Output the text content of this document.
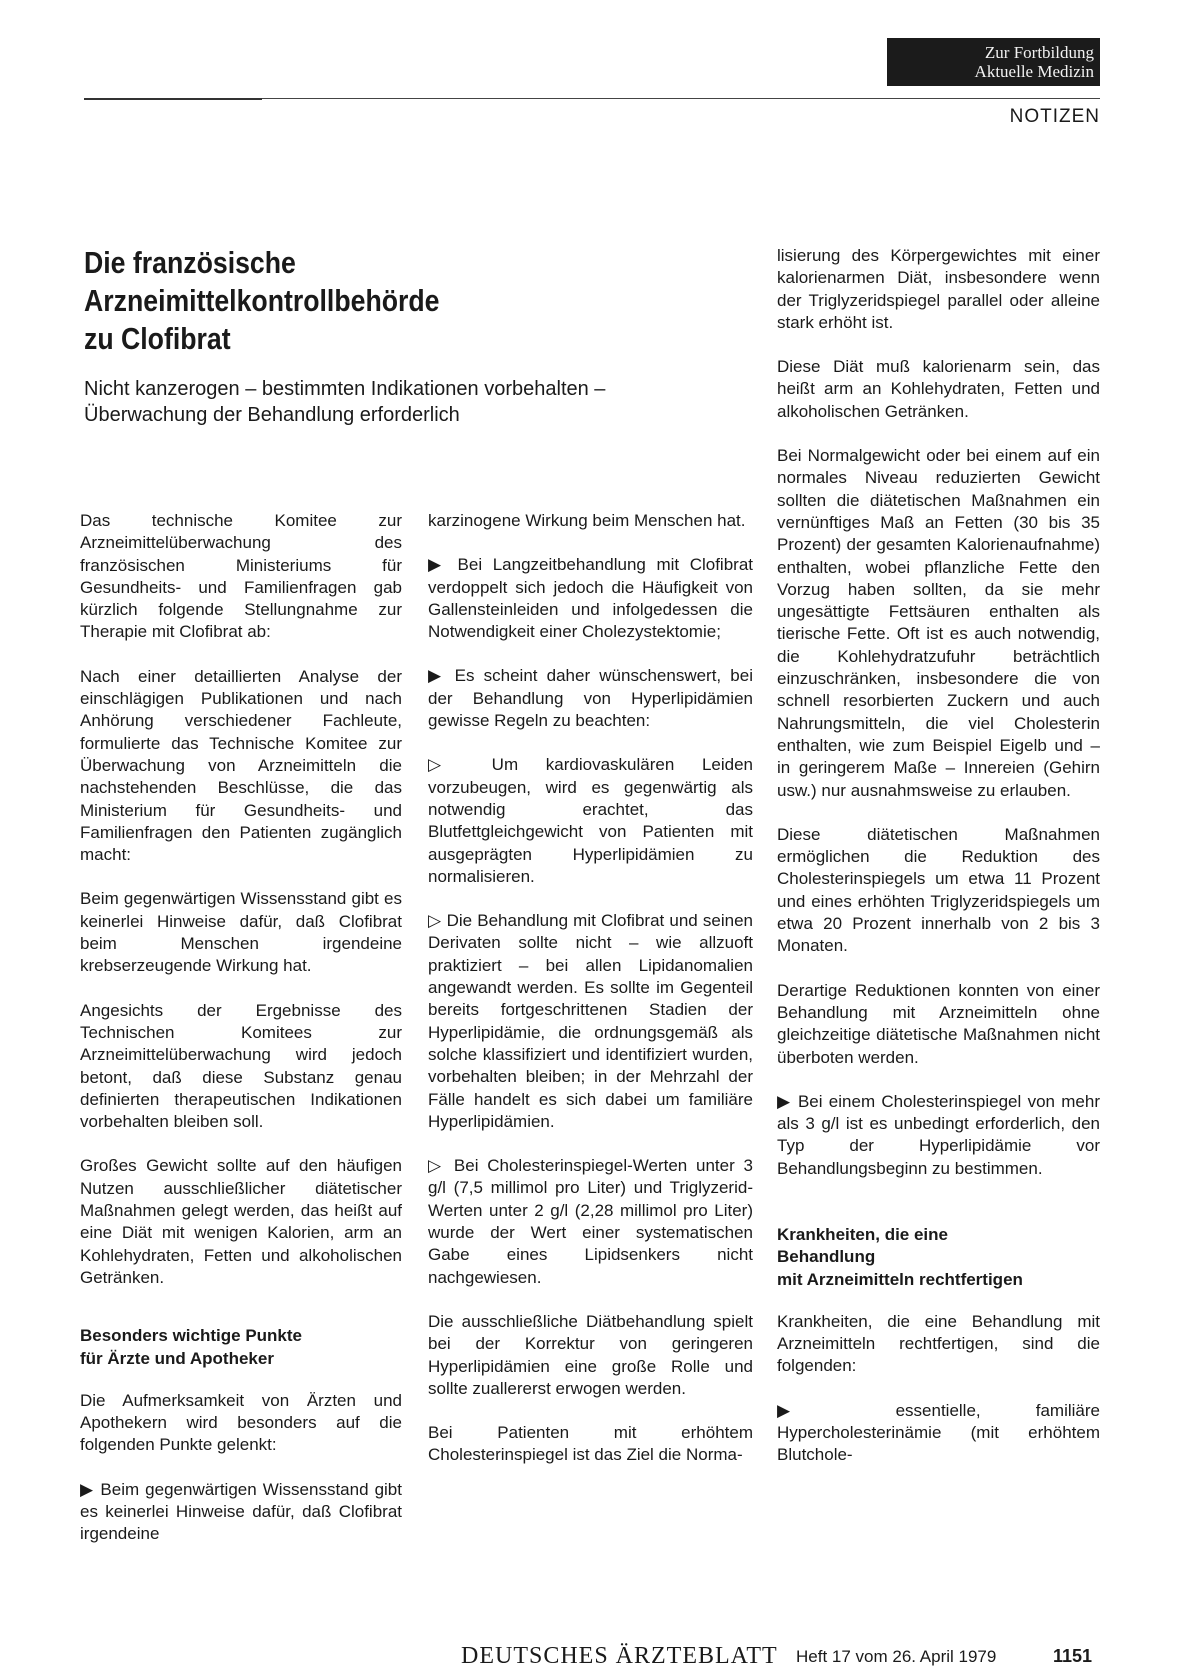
Zur Fortbildung
Aktuelle Medizin
NOTIZEN
Die französische Arzneimittelkontrollbehörde
zu Clofibrat
Nicht kanzerogen – bestimmten Indikationen vorbehalten –
Überwachung der Behandlung erforderlich

Das technische Komitee zur Arzneimittelüberwachung des französischen Ministeriums für Gesundheits- und Familienfragen gab kürzlich folgende Stellungnahme zur Therapie mit Clofibrat ab:

Nach einer detaillierten Analyse der einschlägigen Publikationen und nach Anhörung verschiedener Fachleute, formulierte das Technische Komitee zur Überwachung von Arzneimitteln die nachstehenden Beschlüsse, die das Ministerium für Gesundheits- und Familienfragen den Patienten zugänglich macht:

Beim gegenwärtigen Wissensstand gibt es keinerlei Hinweise dafür, daß Clofibrat beim Menschen irgendeine krebserzeugende Wirkung hat.

Angesichts der Ergebnisse des Technischen Komitees zur Arzneimittelüberwachung wird jedoch betont, daß diese Substanz genau definierten therapeutischen Indikationen vorbehalten bleiben soll.

Großes Gewicht sollte auf den häufigen Nutzen ausschließlicher diätetischer Maßnahmen gelegt werden, das heißt auf eine Diät mit wenigen Kalorien, arm an Kohlehydraten, Fetten und alkoholischen Getränken.

Besonders wichtige Punkte
für Ärzte und Apotheker

Die Aufmerksamkeit von Ärzten und Apothekern wird besonders auf die folgenden Punkte gelenkt:

▶ Beim gegenwärtigen Wissensstand gibt es keinerlei Hinweise dafür, daß Clofibrat irgendeine

karzinogene Wirkung beim Menschen hat.

▶ Bei Langzeitbehandlung mit Clofibrat verdoppelt sich jedoch die Häufigkeit von Gallensteinleiden und infolgedessen die Notwendigkeit einer Cholezystektomie;

▶ Es scheint daher wünschenswert, bei der Behandlung von Hyperlipidämien gewisse Regeln zu beachten:

▷ Um kardiovaskulären Leiden vorzubeugen, wird es gegenwärtig als notwendig erachtet, das Blutfettgleichgewicht von Patienten mit ausgeprägten Hyperlipidämien zu normalisieren.

▷ Die Behandlung mit Clofibrat und seinen Derivaten sollte nicht – wie allzuoft praktiziert – bei allen Lipidanomalien angewandt werden. Es sollte im Gegenteil bereits fortgeschrittenen Stadien der Hyperlipidämie, die ordnungsgemäß als solche klassifiziert und identifiziert wurden, vorbehalten bleiben; in der Mehrzahl der Fälle handelt es sich dabei um familiäre Hyperlipidämien.

▷ Bei Cholesterinspiegel-Werten unter 3 g/l (7,5 millimol pro Liter) und Triglyzerid-Werten unter 2 g/l (2,28 millimol pro Liter) wurde der Wert einer systematischen Gabe eines Lipidsenkers nicht nachgewiesen.

Die ausschließliche Diätbehandlung spielt bei der Korrektur von geringeren Hyperlipidämien eine große Rolle und sollte zuallererst erwogen werden.

Bei Patienten mit erhöhtem Cholesterinspiegel ist das Ziel die Norma-

lisierung des Körpergewichtes mit einer kalorienarmen Diät, insbesondere wenn der Triglyzeridspiegel parallel oder alleine stark erhöht ist.

Diese Diät muß kalorienarm sein, das heißt arm an Kohlehydraten, Fetten und alkoholischen Getränken.

Bei Normalgewicht oder bei einem auf ein normales Niveau reduzierten Gewicht sollten die diätetischen Maßnahmen ein vernünftiges Maß an Fetten (30 bis 35 Prozent) der gesamten Kalorienaufnahme) enthalten, wobei pflanzliche Fette den Vorzug haben sollten, da sie mehr ungesättigte Fettsäuren enthalten als tierische Fette. Oft ist es auch notwendig, die Kohlehydratzufuhr beträchtlich einzuschränken, insbesondere die von schnell resorbierten Zuckern und auch Nahrungsmitteln, die viel Cholesterin enthalten, wie zum Beispiel Eigelb und – in geringerem Maße – Innereien (Gehirn usw.) nur ausnahmsweise zu erlauben.

Diese diätetischen Maßnahmen ermöglichen die Reduktion des Cholesterinspiegels um etwa 11 Prozent und eines erhöhten Triglyzeridspiegels um etwa 20 Prozent innerhalb von 2 bis 3 Monaten.

Derartige Reduktionen konnten von einer Behandlung mit Arzneimitteln ohne gleichzeitige diätetische Maßnahmen nicht überboten werden.

▶ Bei einem Cholesterinspiegel von mehr als 3 g/l ist es unbedingt erforderlich, den Typ der Hyperlipidämie vor Behandlungsbeginn zu bestimmen.

Krankheiten, die eine
Behandlung
mit Arzneimitteln rechtfertigen

Krankheiten, die eine Behandlung mit Arzneimitteln rechtfertigen, sind die folgenden:

▶ essentielle, familiäre Hypercholesterinämie (mit erhöhtem Blutchole-

DEUTSCHES ÄRZTEBLATT Heft 17 vom 26. April 1979	1151
